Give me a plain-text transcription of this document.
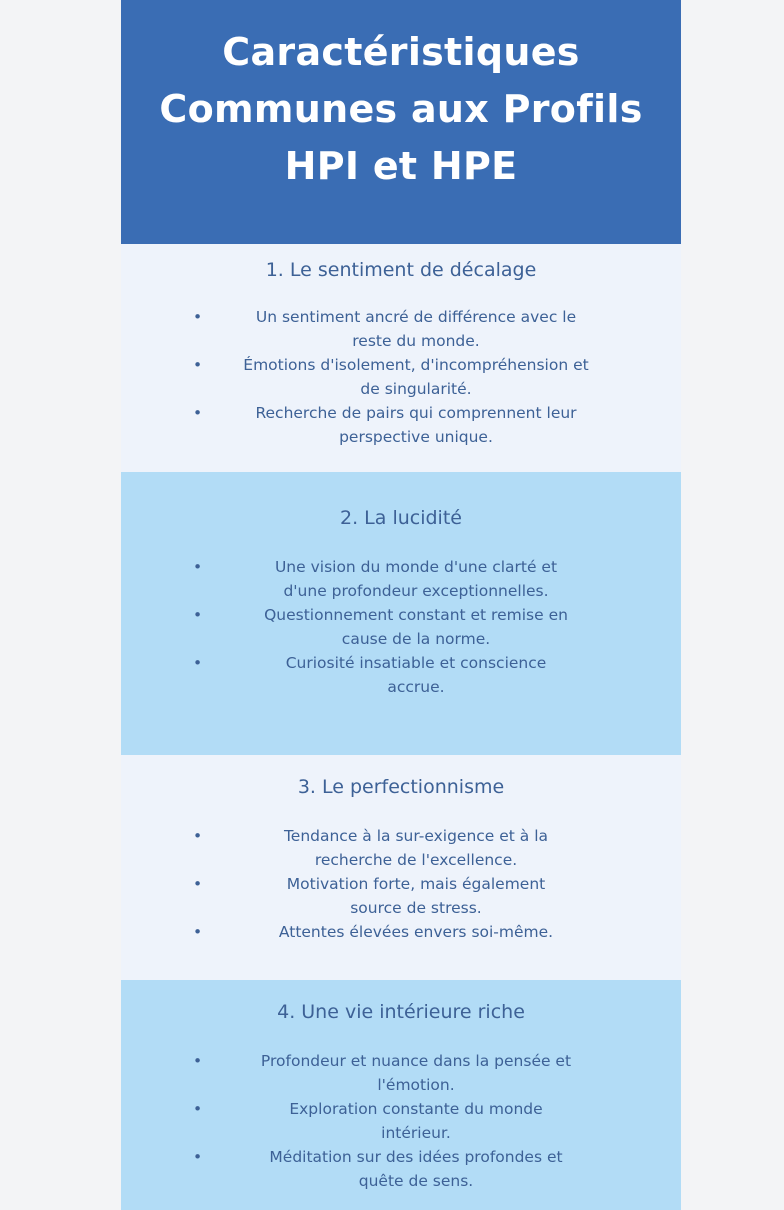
Caractéristiques
Communes aux Profils
HPI et HPE
1. Le sentiment de décalage
•	Un sentiment ancré de différence avec le
reste du monde.
•	Émotions d'isolement, d'incompréhension et
de singularité.
•	Recherche de pairs qui comprennent leur
perspective unique.
2. La lucidité
•	Une vision du monde d'une clarté et
d'une profondeur exceptionnelles.
•	Questionnement constant et remise en
cause de la norme.
•	Curiosité insatiable et conscience
accrue.
3. Le perfectionnisme
•	Tendance à la sur-exigence et à la
recherche de l'excellence.
•	Motivation forte, mais également
source de stress.
•	Attentes élevées envers soi-même.
4. Une vie intérieure riche
•	Profondeur et nuance dans la pensée et
l'émotion.
•	Exploration constante du monde
intérieur.
•	Méditation sur des idées profondes et
quête de sens.
